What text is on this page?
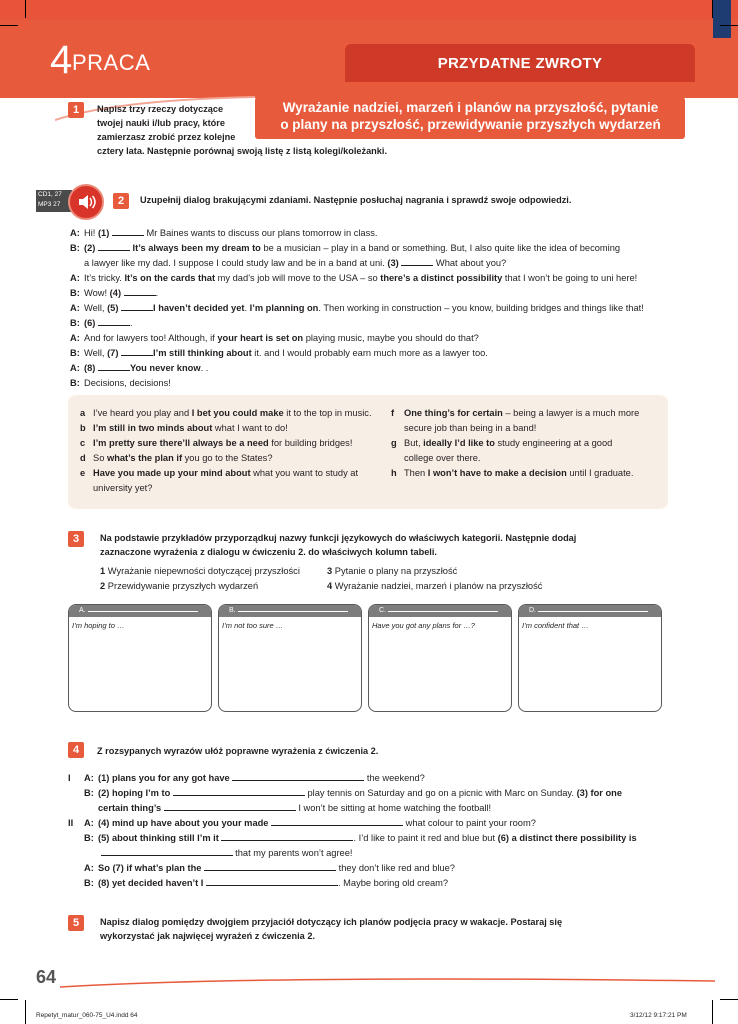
4 PRACA	PRZYDATNE ZWROTY
Wyrażanie nadziei, marzeń i planów na przyszłość, pytanie
o plany na przyszłość, przewidywanie przyszłych wydarzeń
1	Napisz trzy rzeczy dotyczące
twojej nauki i/lub pracy, które
zamierzasz zrobić przez kolejne
cztery lata. Następnie porównaj swoją listę z listą kolegi/koleżanki.
CD1, 27
MP3 27	2	Uzupełnij dialog brakującymi zdaniami. Następnie posłuchaj nagrania i sprawdź swoje odpowiedzi.
A: Hi! (1)	Mr Baines wants to discuss our plans tomorrow in class.
B: (2)	It’s always been my dream to be a musician – play in a band or something. But, I also quite like the idea of becoming
a lawyer like my dad. I suppose I could study law and be in a band at uni. (3)	What about you?
A: It’s tricky. It’s on the cards that my dad’s job will move to the USA – so there’s a distinct possibility that I won’t be going to uni here!
B: Wow! (4)	.
A: Well, (5)	I haven’t decided yet. I’m planning on. Then working in construction – you know, building bridges and things like that!
B: (6)	.
A: And for lawyers too! Although, if your heart is set on playing music, maybe you should do that?
B: Well, (7)	I’m still thinking about it. and I would probably earn much more as a lawyer too.
A: (8)	You never know. .
B: Decisions, decisions!
a I’ve heard you play and I bet you could make it to the top in music.
b I’m still in two minds about what I want to do!
c I’m pretty sure there’ll always be a need for building bridges!
d So what’s the plan if you go to the States?
e Have you made up your mind about what you want to study at
university yet?
f One thing’s for certain – being a lawyer is a much more
secure job than being in a band!
g But, ideally I’d like to study engineering at a good
college over there.
h Then I won’t have to make a decision until I graduate.
3	Na podstawie przykładów przyporządkuj nazwy funkcji językowych do właściwych kategorii. Następnie dodaj
zaznaczone wyrażenia z dialogu w ćwiczeniu 2. do właściwych kolumn tabeli.
1 Wyrażanie niepewności dotyczącej przyszłości	3 Pytanie o plany na przyszłość
2 Przewidywanie przyszłych wydarzeń	4 Wyrażanie nadziei, marzeń i planów na przyszłość
A.
I’m hoping to …
B.
I’m not too sure …
C.
Have you got any plans for …?
D.
I’m confident that …
4	Z rozsypanych wyrazów ułóż poprawne wyrażenia z ćwiczenia 2.
I A: (1) plans you for any got have	the weekend?
B: (2) hoping I’m to	play tennis on Saturday and go on a picnic with Marc on Sunday. (3) for one
certain thing’s	I won’t be sitting at home watching the football!
II A: (4) mind up have about you your made	what colour to paint your room?
B: (5) about thinking still I’m it	. I’d like to paint it red and blue but (6) a distinct there possibility is
that my parents won’t agree!
A: So (7) if what’s plan the	they don’t like red and blue?
B: (8) yet decided haven’t I	. Maybe boring old cream?
5	Napisz dialog pomiędzy dwojgiem przyjaciół dotyczący ich planów podjęcia pracy w wakacje. Postaraj się
wykorzystać jak najwięcej wyrażeń z ćwiczenia 2.
64
Repetyt_matur_060-75_U4.indd 64	3/12/12 9:17:21 PM
